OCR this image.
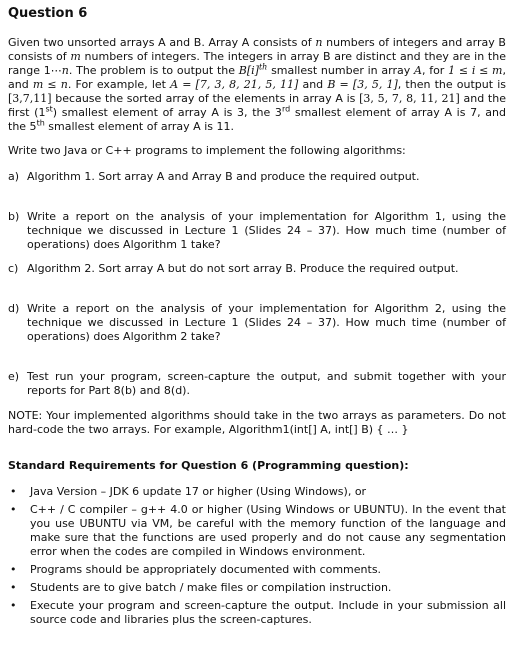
Question 6
Given two unsorted arrays A and B. Array A consists of n numbers of integers and array B consists of m numbers of integers. The integers in array B are distinct and they are in the range 1⋯n. The problem is to output the $B[i]^{th}$ smallest number in array A, for 1 ≤ i ≤ m, and m ≤ n. For example, let A = [7, 3, 8, 21, 5, 11] and B = [3, 5, 1], then the output is [3,7,11] because the sorted array of the elements in array A is [3, 5, 7, 8, 11, 21] and the first (1st) smallest element of array A is 3, the 3rd smallest element of array A is 7, and the 5th smallest element of array A is 11.
Write two Java or C++ programs to implement the following algorithms:
a) Algorithm 1. Sort array A and Array B and produce the required output.
b) Write a report on the analysis of your implementation for Algorithm 1, using the technique we discussed in Lecture 1 (Slides 24 – 37). How much time (number of operations) does Algorithm 1 take?
c) Algorithm 2. Sort array A but do not sort array B. Produce the required output.
d) Write a report on the analysis of your implementation for Algorithm 2, using the technique we discussed in Lecture 1 (Slides 24 – 37). How much time (number of operations) does Algorithm 2 take?
e) Test run your program, screen-capture the output, and submit together with your reports for Part 8(b) and 8(d).
NOTE: Your implemented algorithms should take in the two arrays as parameters. Do not hard-code the two arrays. For example, Algorithm1(int[] A, int[] B) { … }
Standard Requirements for Question 6 (Programming question):
•	Java Version – JDK 6 update 17 or higher (Using Windows), or
•	C++ / C compiler – g++ 4.0 or higher (Using Windows or UBUNTU). In the event that you use UBUNTU via VM, be careful with the memory function of the language and make sure that the functions are used properly and do not cause any segmentation error when the codes are compiled in Windows environment.
•	Programs should be appropriately documented with comments.
•	Students are to give batch / make files or compilation instruction.
•	Execute your program and screen-capture the output. Include in your submission all source code and libraries plus the screen-captures.
